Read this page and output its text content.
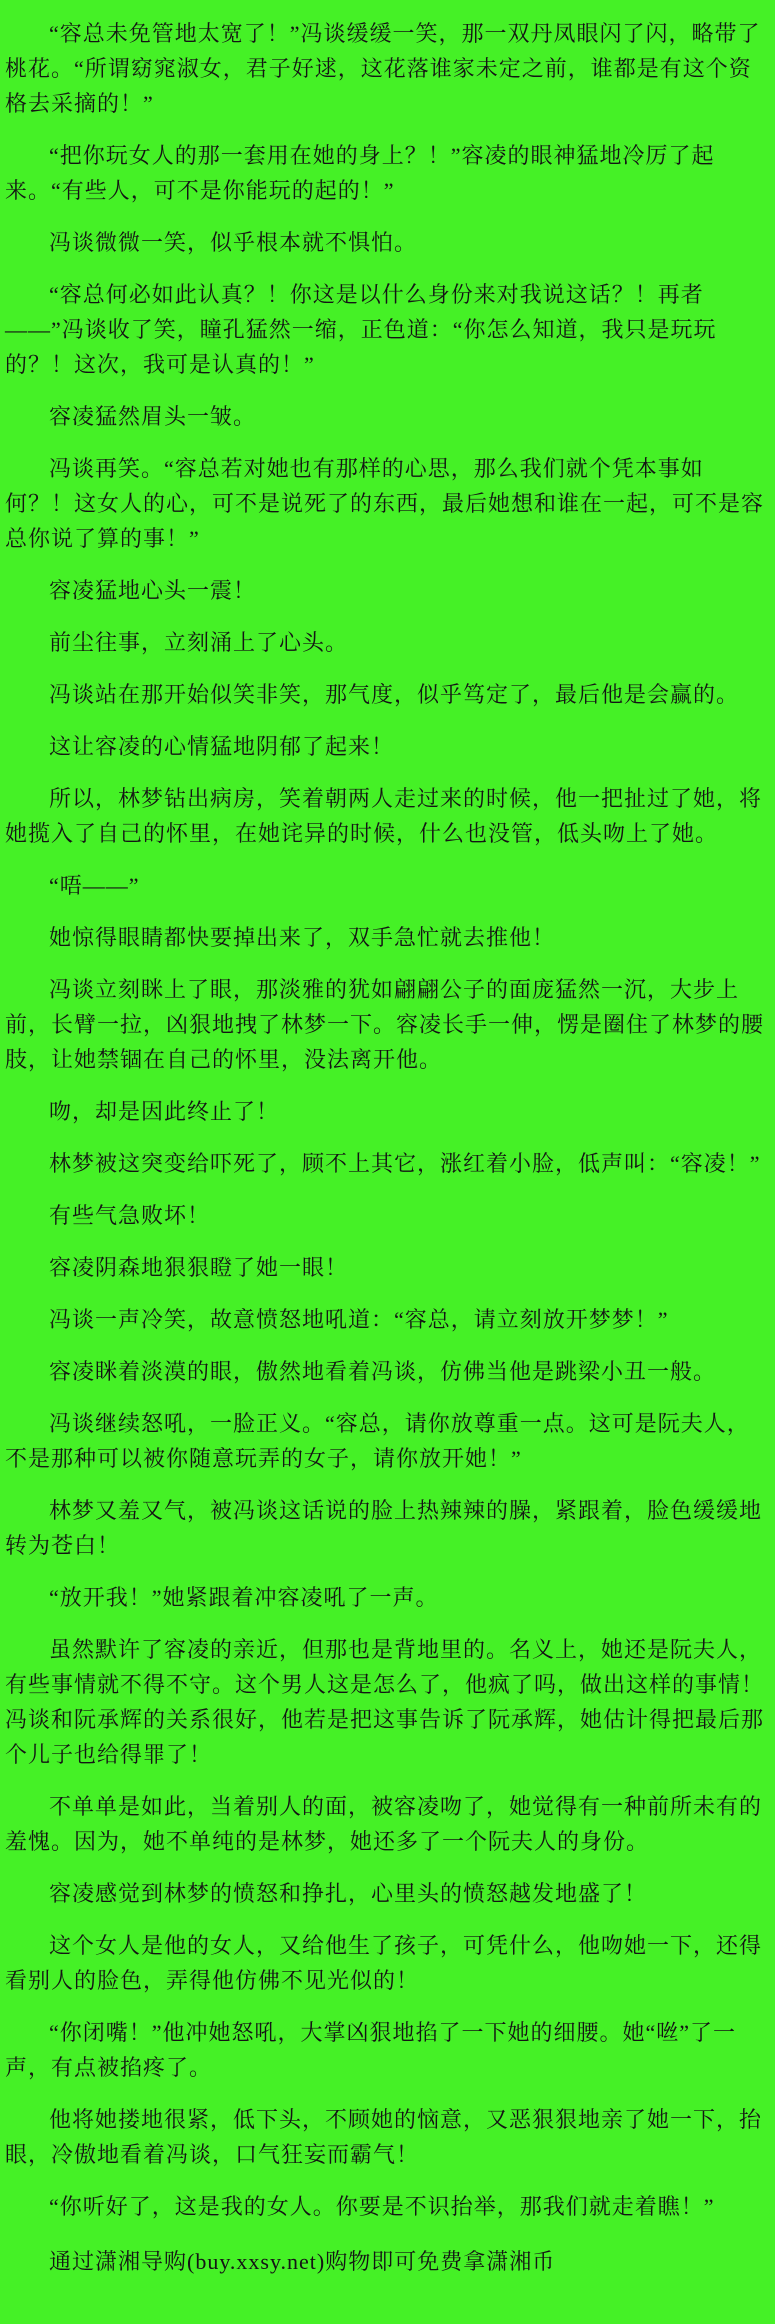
“容总未免管地太宽了！”冯谈缓缓一笑，那一双丹凤眼闪了闪，略带了桃花。“所谓窈窕淑女，君子好逑，这花落谁家未定之前，谁都是有这个资格去采摘的！”

“把你玩女人的那一套用在她的身上？！”容凌的眼神猛地冷厉了起来。“有些人，可不是你能玩的起的！”

冯谈微微一笑，似乎根本就不惧怕。

“容总何必如此认真？！你这是以什么身份来对我说这话？！再者——”冯谈收了笑，瞳孔猛然一缩，正色道：“你怎么知道，我只是玩玩的？！这次，我可是认真的！”

容凌猛然眉头一皱。

冯谈再笑。“容总若对她也有那样的心思，那么我们就个凭本事如何？！这女人的心，可不是说死了的东西，最后她想和谁在一起，可不是容总你说了算的事！”

容凌猛地心头一震！

前尘往事，立刻涌上了心头。

冯谈站在那开始似笑非笑，那气度，似乎笃定了，最后他是会赢的。

这让容凌的心情猛地阴郁了起来！

所以，林梦钻出病房，笑着朝两人走过来的时候，他一把扯过了她，将她揽入了自己的怀里，在她诧异的时候，什么也没管，低头吻上了她。

“唔——”

她惊得眼睛都快要掉出来了，双手急忙就去推他！

冯谈立刻眯上了眼，那淡雅的犹如翩翩公子的面庞猛然一沉，大步上前，长臂一拉，凶狠地拽了林梦一下。容凌长手一伸，愣是圈住了林梦的腰肢，让她禁锢在自己的怀里，没法离开他。

吻，却是因此终止了！

林梦被这突变给吓死了，顾不上其它，涨红着小脸，低声叫：“容凌！”

有些气急败坏！

容凌阴森地狠狠瞪了她一眼！

冯谈一声冷笑，故意愤怒地吼道：“容总，请立刻放开梦梦！”

容凌眯着淡漠的眼，傲然地看着冯谈，仿佛当他是跳梁小丑一般。

冯谈继续怒吼，一脸正义。“容总，请你放尊重一点。这可是阮夫人，不是那种可以被你随意玩弄的女子，请你放开她！”

林梦又羞又气，被冯谈这话说的脸上热辣辣的臊，紧跟着，脸色缓缓地转为苍白！

“放开我！”她紧跟着冲容凌吼了一声。

虽然默许了容凌的亲近，但那也是背地里的。名义上，她还是阮夫人，有些事情就不得不守。这个男人这是怎么了，他疯了吗，做出这样的事情！冯谈和阮承辉的关系很好，他若是把这事告诉了阮承辉，她估计得把最后那个儿子也给得罪了！

不单单是如此，当着别人的面，被容凌吻了，她觉得有一种前所未有的羞愧。因为，她不单纯的是林梦，她还多了一个阮夫人的身份。

容凌感觉到林梦的愤怒和挣扎，心里头的愤怒越发地盛了！

这个女人是他的女人，又给他生了孩子，可凭什么，他吻她一下，还得看别人的脸色，弄得他仿佛不见光似的！

“你闭嘴！”他冲她怒吼，大掌凶狠地掐了一下她的细腰。她“咝”了一声，有点被掐疼了。

他将她搂地很紧，低下头，不顾她的恼意，又恶狠狠地亲了她一下，抬眼，冷傲地看着冯谈，口气狂妄而霸气！

“你听好了，这是我的女人。你要是不识抬举，那我们就走着瞧！”

通过潇湘导购(buy.xxsy.net)购物即可免费拿潇湘币
